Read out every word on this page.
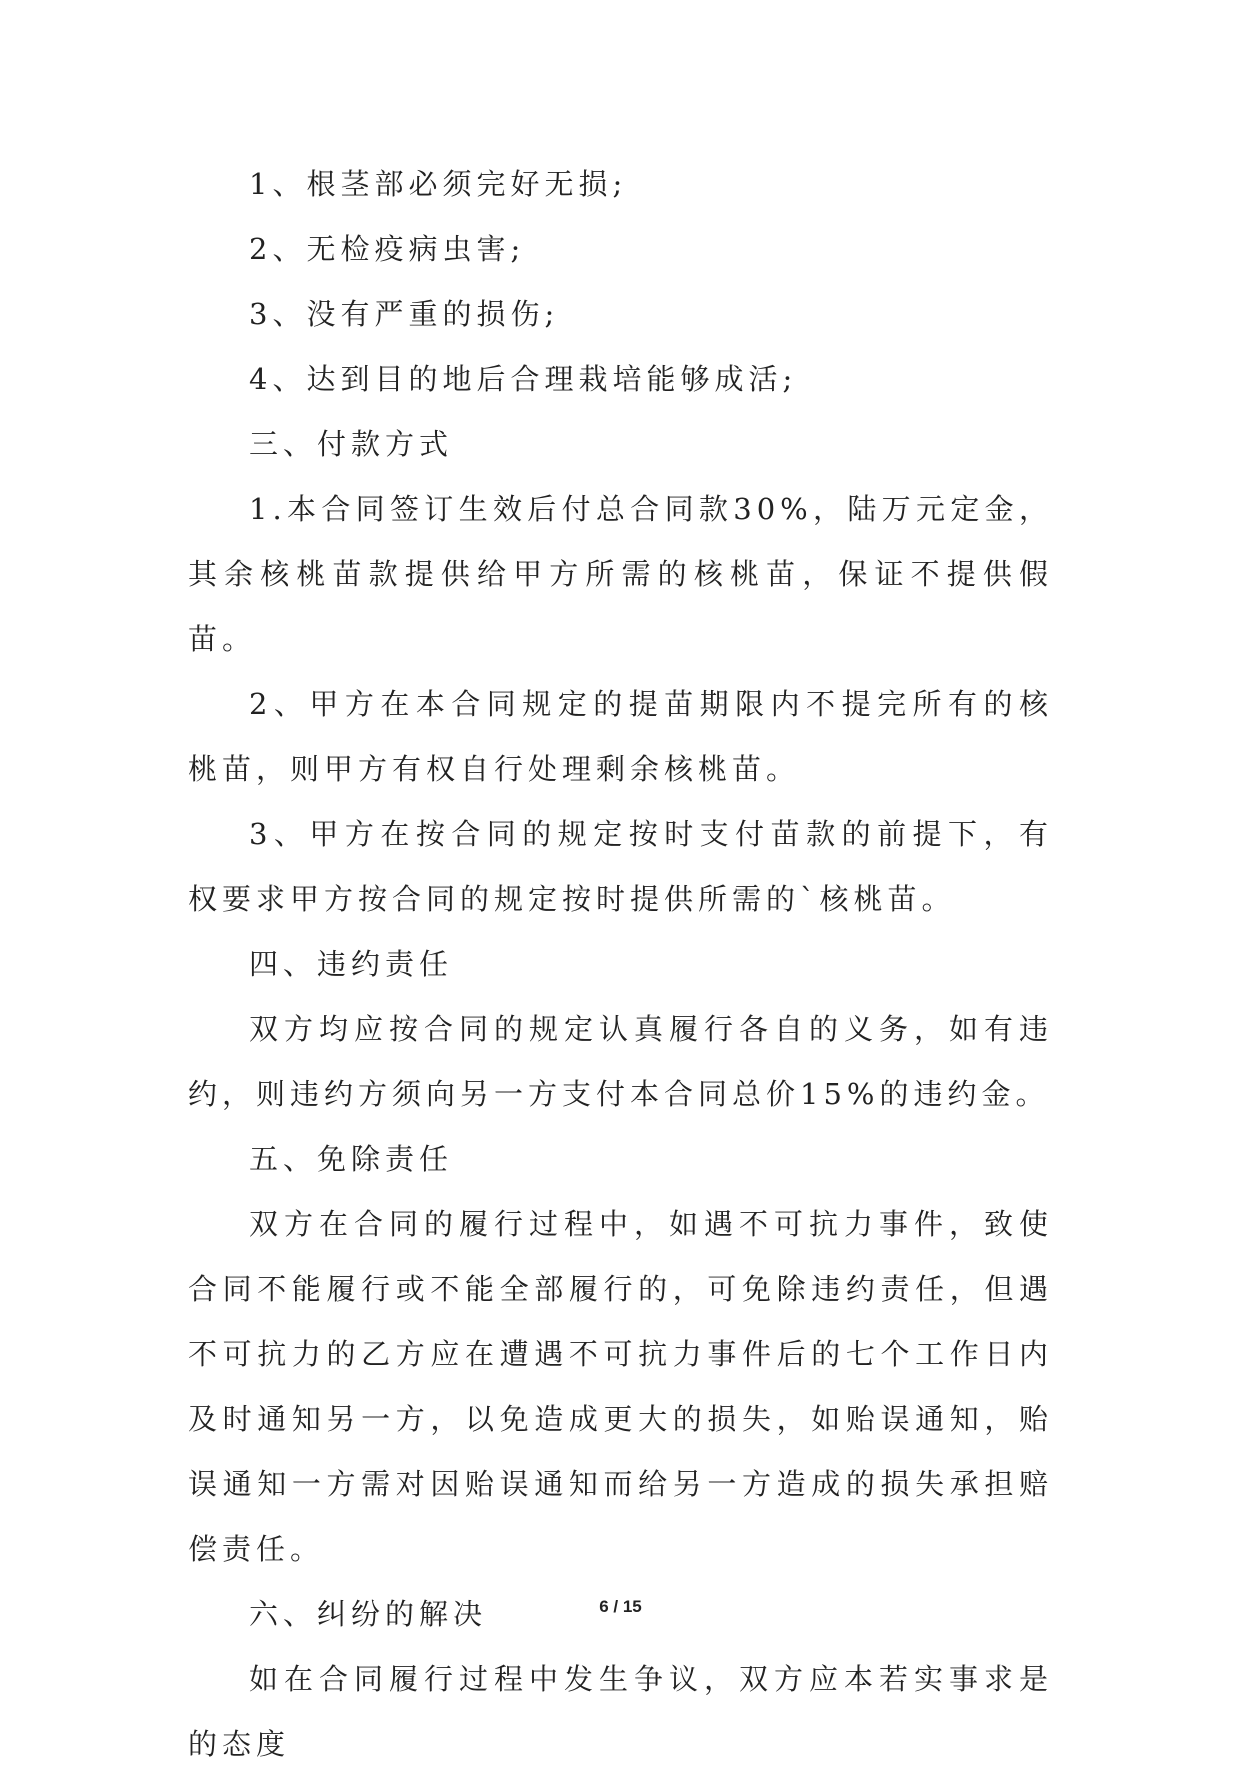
1、根茎部必须完好无损;

2、无检疫病虫害;

3、没有严重的损伤;

4、达到目的地后合理栽培能够成活;

三、付款方式

1.本合同签订生效后付总合同款30%，陆万元定金，其余核桃苗款提供给甲方所需的核桃苗，保证不提供假苗。

2、甲方在本合同规定的提苗期限内不提完所有的核桃苗，则甲方有权自行处理剩余核桃苗。

3、甲方在按合同的规定按时支付苗款的前提下，有权要求甲方按合同的规定按时提供所需的`核桃苗。

四、违约责任

双方均应按合同的规定认真履行各自的义务，如有违约，则违约方须向另一方支付本合同总价15%的违约金。

五、免除责任

双方在合同的履行过程中，如遇不可抗力事件，致使合同不能履行或不能全部履行的，可免除违约责任，但遇不可抗力的乙方应在遭遇不可抗力事件后的七个工作日内及时通知另一方，以免造成更大的损失，如贻误通知，贻误通知一方需对因贻误通知而给另一方造成的损失承担赔偿责任。

六、纠纷的解决

如在合同履行过程中发生争议，双方应本若实事求是的态度

6 / 15
